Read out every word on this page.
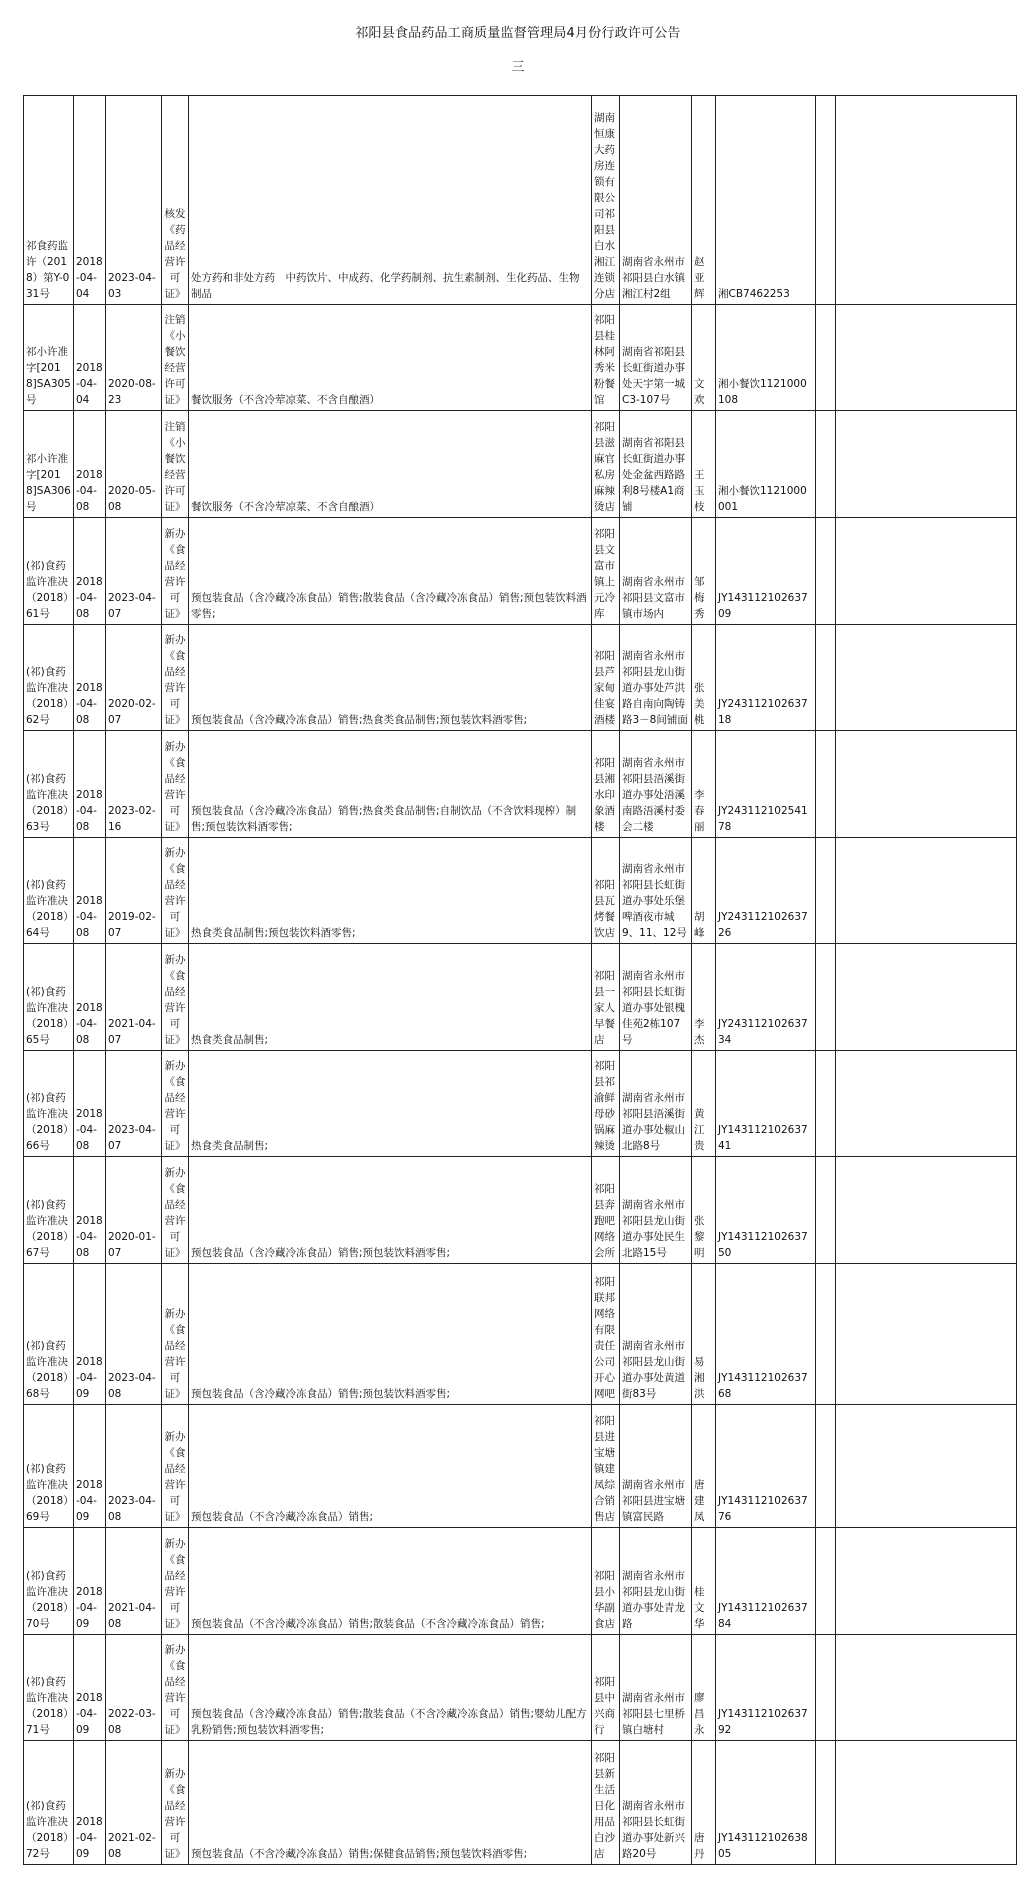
祁阳县食品药品工商质量监督管理局4月份行政许可公告
三
祁食药监许（2018）第Y-031号	2018-04-04	2023-04-03	核发《药品经营许可证》	处方药和非处方药　中药饮片、中成药、化学药制剂、抗生素制剂、生化药品、生物制品	湖南恒康大药房连锁有限公司祁阳县白水湘江连锁分店	湖南省永州市祁阳县白水镇湘江村2组	赵亚辉	湘CB7462253		
祁小许准字[2018]SA305号	2018-04-04	2020-08-23	注销《小餐饮经营许可证》	餐饮服务（不含冷荤凉菜、不含自酿酒）	祁阳县桂林阿秀米粉餐馆	湖南省祁阳县长虹街道办事处天宇第一城C3-107号	文欢	湘小餐饮1121000108		
祁小许准字[2018]SA306号	2018-04-08	2020-05-08	注销《小餐饮经营许可证》	餐饮服务（不含冷荤凉菜、不含自酿酒）	祁阳县滋麻官私房麻辣烫店	湖南省祁阳县长虹街道办事处金盆西路路利8号楼A1商铺	王玉枝	湘小餐饮1121000001		
(祁)食药监许准决（2018）61号	2018-04-08	2023-04-07	新办《食品经营许可证》	预包装食品（含冷藏冷冻食品）销售;散装食品（含冷藏冷冻食品）销售;预包装饮料酒零售;	祁阳县文富市镇上元冷库	湖南省永州市祁阳县文富市镇市场内	邹梅秀	JY14311210263709		
(祁)食药监许准决（2018）62号	2018-04-08	2020-02-07	新办《食品经营许可证》	预包装食品（含冷藏冷冻食品）销售;热食类食品制售;预包装饮料酒零售;	祁阳县芦家甸佳宴酒楼	湖南省永州市祁阳县龙山街道办事处芦洪路自南向陶铸路3－8间铺面	张美桃	JY24311210263718		
(祁)食药监许准决（2018）63号	2018-04-08	2023-02-16	新办《食品经营许可证》	预包装食品（含冷藏冷冻食品）销售;热食类食品制售;自制饮品（不含饮料现榨）制售;预包装饮料酒零售;	祁阳县湘水印象酒楼	湖南省永州市祁阳县浯溪街道办事处浯溪南路浯溪村委会二楼	李春丽	JY24311210254178		
(祁)食药监许准决（2018）64号	2018-04-08	2019-02-07	新办《食品经营许可证》	热食类食品制售;预包装饮料酒零售;	祁阳县瓦烤餐饮店	湖南省永州市祁阳县长虹街道办事处乐堡啤酒夜市城9、11、12号	胡峰	JY24311210263726		
(祁)食药监许准决（2018）65号	2018-04-08	2021-04-07	新办《食品经营许可证》	热食类食品制售;	祁阳县一家人早餐店	湖南省永州市祁阳县长虹街道办事处银槐佳苑2栋107号	李杰	JY24311210263734		
(祁)食药监许准决（2018）66号	2018-04-08	2023-04-07	新办《食品经营许可证》	热食类食品制售;	祁阳县祁渝鲜母砂锅麻辣烫	湖南省永州市祁阳县浯溪街道办事处椒山北路8号	黄江贵	JY14311210263741		
(祁)食药监许准决（2018）67号	2018-04-08	2020-01-07	新办《食品经营许可证》	预包装食品（含冷藏冷冻食品）销售;预包装饮料酒零售;	祁阳县奔跑吧网络会所	湖南省永州市祁阳县龙山街道办事处民生北路15号	张黎明	JY14311210263750		
(祁)食药监许准决（2018）68号	2018-04-09	2023-04-08	新办《食品经营许可证》	预包装食品（含冷藏冷冻食品）销售;预包装饮料酒零售;	祁阳联邦网络有限责任公司开心网吧	湖南省永州市祁阳县龙山街道办事处黄道街83号	易湘洪	JY14311210263768		
(祁)食药监许准决（2018）69号	2018-04-09	2023-04-08	新办《食品经营许可证》	预包装食品（不含冷藏冷冻食品）销售;	祁阳县进宝塘镇建凤综合销售店	湖南省永州市祁阳县进宝塘镇富民路	唐建凤	JY14311210263776		
(祁)食药监许准决（2018）70号	2018-04-09	2021-04-08	新办《食品经营许可证》	预包装食品（不含冷藏冷冻食品）销售;散装食品（不含冷藏冷冻食品）销售;	祁阳县小华副食店	湖南省永州市祁阳县龙山街道办事处青龙路	桂文华	JY14311210263784		
(祁)食药监许准决（2018）71号	2018-04-09	2022-03-08	新办《食品经营许可证》	预包装食品（含冷藏冷冻食品）销售;散装食品（不含冷藏冷冻食品）销售;婴幼儿配方乳粉销售;预包装饮料酒零售;	祁阳县中兴商行	湖南省永州市祁阳县七里桥镇白塘村	廖昌永	JY14311210263792		
(祁)食药监许准决（2018）72号	2018-04-09	2021-02-08	新办《食品经营许可证》	预包装食品（不含冷藏冷冻食品）销售;保健食品销售;预包装饮料酒零售;	祁阳县新生活日化用品白沙店	湖南省永州市祁阳县长虹街道办事处新兴路20号	唐丹	JY14311210263805		
